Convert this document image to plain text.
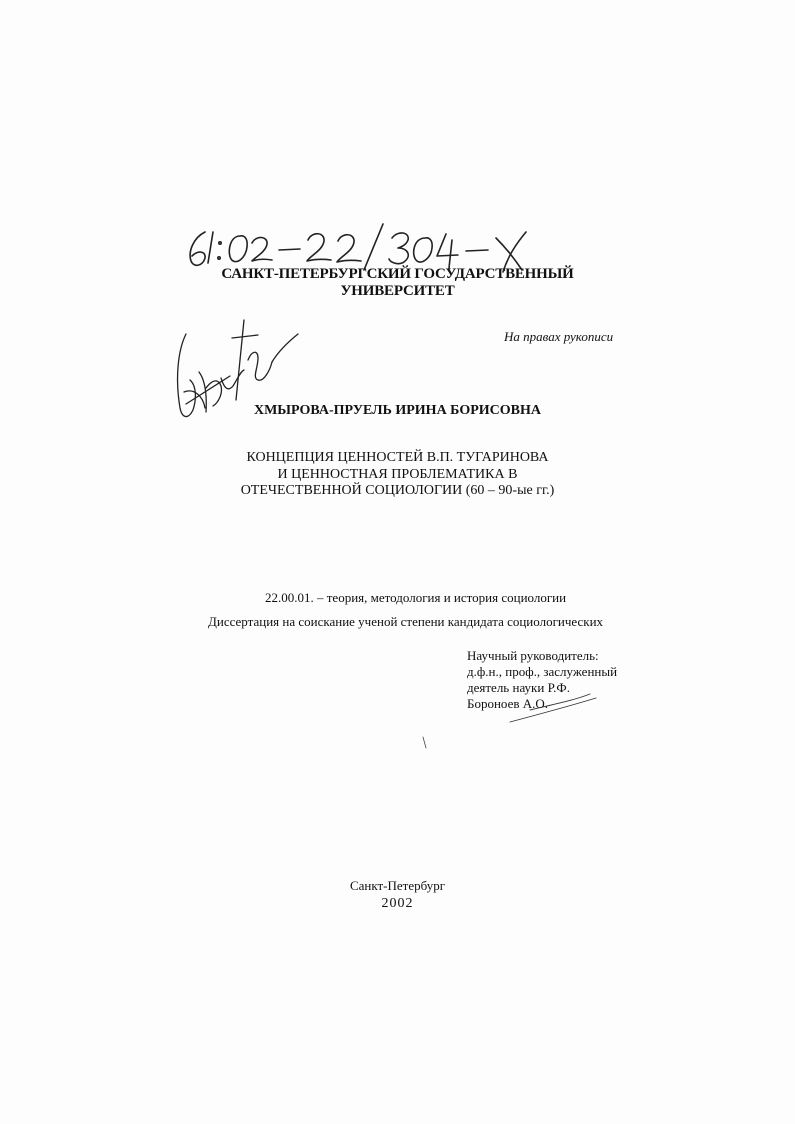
САНКТ-ПЕТЕРБУРГСКИЙ ГОСУДАРСТВЕННЫЙ
УНИВЕРСИТЕТ

На правах рукописи

ХМЫРОВА-ПРУЕЛЬ ИРИНА БОРИСОВНА

КОНЦЕПЦИЯ ЦЕННОСТЕЙ В.П. ТУГАРИНОВА
И ЦЕННОСТНАЯ ПРОБЛЕМАТИКА В
ОТЕЧЕСТВЕННОЙ СОЦИОЛОГИИ (60 – 90-ые гг.)

22.00.01. – теория, методология и история социологии

Диссертация на соискание ученой степени кандидата социологических

Научный руководитель:
д.ф.н., проф., заслуженный
деятель науки Р.Ф.
Бороноев А.О.

Санкт-Петербург

2002
